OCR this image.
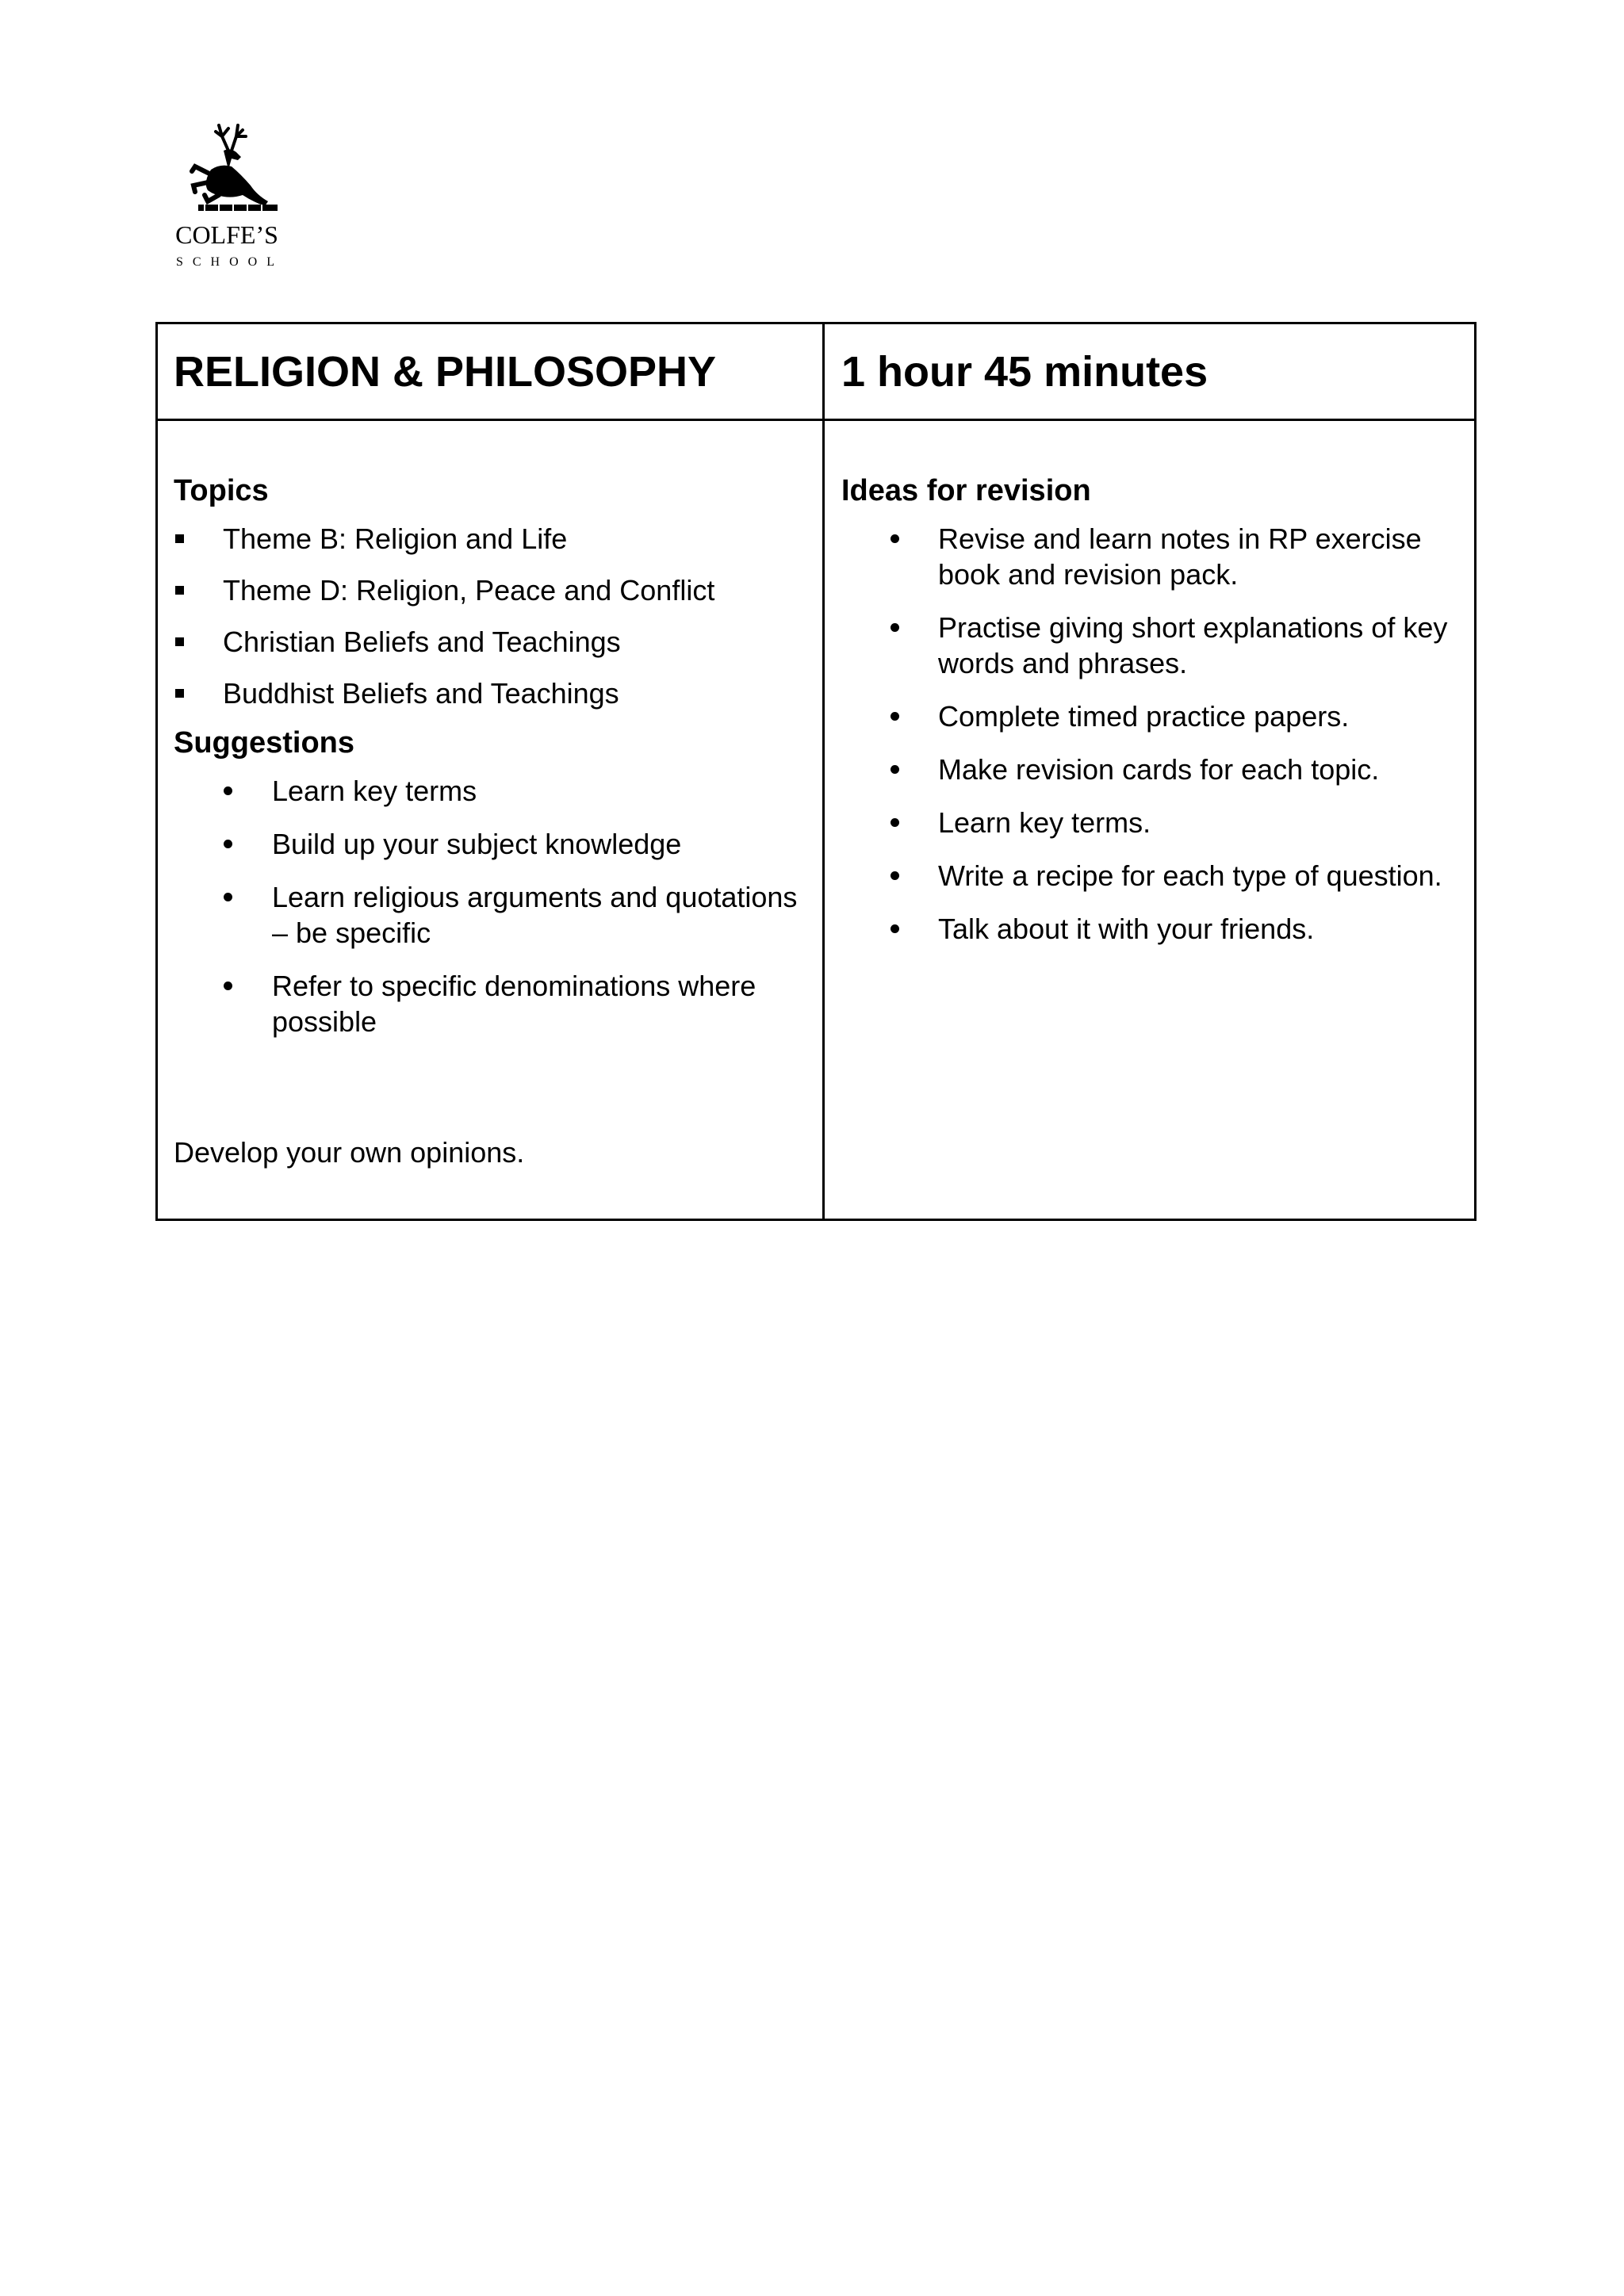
COLFE’S
SCHOOL
RELIGION & PHILOSOPHY	1 hour 45 minutes
Topics
Theme B: Religion and Life
Theme D: Religion, Peace and Conflict
Christian Beliefs and Teachings
Buddhist Beliefs and Teachings
Suggestions
Learn key terms
Build up your subject knowledge
Learn religious arguments and quotations – be specific
Refer to specific denominations where possible
Develop your own opinions.
Ideas for revision
Revise and learn notes in RP exercise book and revision pack.
Practise giving short explanations of key words and phrases.
Complete timed practice papers.
Make revision cards for each topic.
Learn key terms.
Write a recipe for each type of question.
Talk about it with your friends.
